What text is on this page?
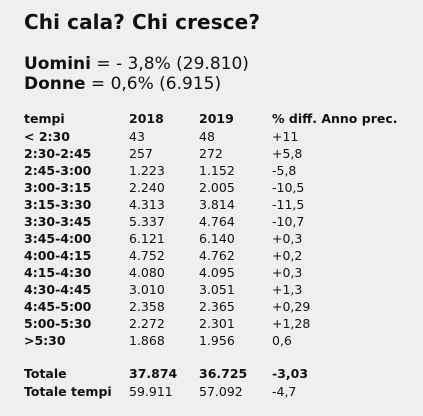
Chi cala? Chi cresce?
Uomini = - 3,8% (29.810)
Donne = 0,6% (6.915)
tempi	2018	2019	% diff. Anno prec.
< 2:30	43	48	+11
2:30-2:45	257	272	+5,8
2:45-3:00	1.223	1.152	-5,8
3:00-3:15	2.240	2.005	-10,5
3:15-3:30	4.313	3.814	-11,5
3:30-3:45	5.337	4.764	-10,7
3:45-4:00	6.121	6.140	+0,3
4:00-4:15	4.752	4.762	+0,2
4:15-4:30	4.080	4.095	+0,3
4:30-4:45	3.010	3.051	+1,3
4:45-5:00	2.358	2.365	+0,29
5:00-5:30	2.272	2.301	+1,28
>5:30	1.868	1.956	0,6
Totale	37.874	36.725	-3,03
Totale tempi	59.911	57.092	-4,7
